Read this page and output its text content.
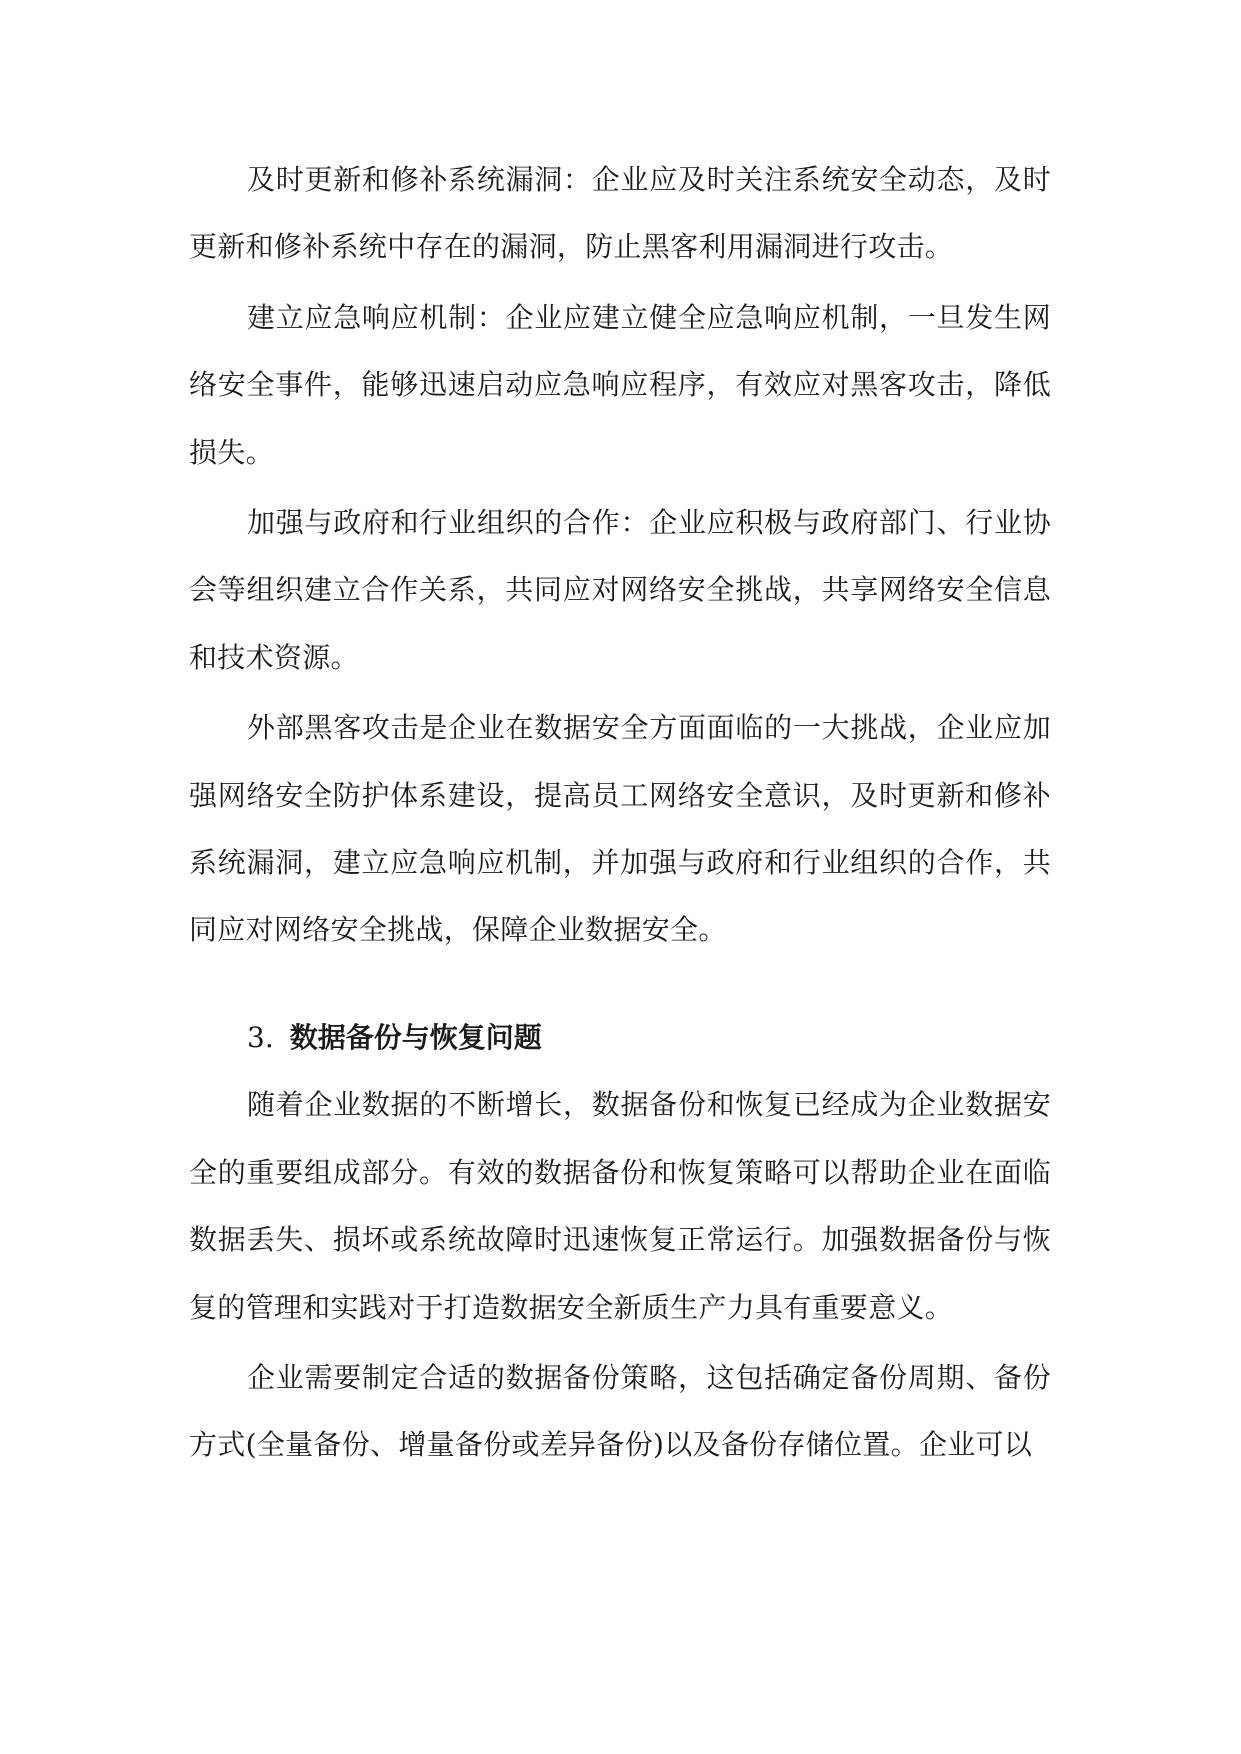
及时更新和修补系统漏洞：企业应及时关注系统安全动态，及时更新和修补系统中存在的漏洞，防止黑客利用漏洞进行攻击。

建立应急响应机制：企业应建立健全应急响应机制，一旦发生网络安全事件，能够迅速启动应急响应程序，有效应对黑客攻击，降低损失。

加强与政府和行业组织的合作：企业应积极与政府部门、行业协会等组织建立合作关系，共同应对网络安全挑战，共享网络安全信息和技术资源。

外部黑客攻击是企业在数据安全方面面临的一大挑战，企业应加强网络安全防护体系建设，提高员工网络安全意识，及时更新和修补系统漏洞，建立应急响应机制，并加强与政府和行业组织的合作，共同应对网络安全挑战，保障企业数据安全。

3. 数据备份与恢复问题

随着企业数据的不断增长，数据备份和恢复已经成为企业数据安全的重要组成部分。有效的数据备份和恢复策略可以帮助企业在面临数据丢失、损坏或系统故障时迅速恢复正常运行。加强数据备份与恢复的管理和实践对于打造数据安全新质生产力具有重要意义。

企业需要制定合适的数据备份策略，这包括确定备份周期、备份方式(全量备份、增量备份或差异备份)以及备份存储位置。企业可以
